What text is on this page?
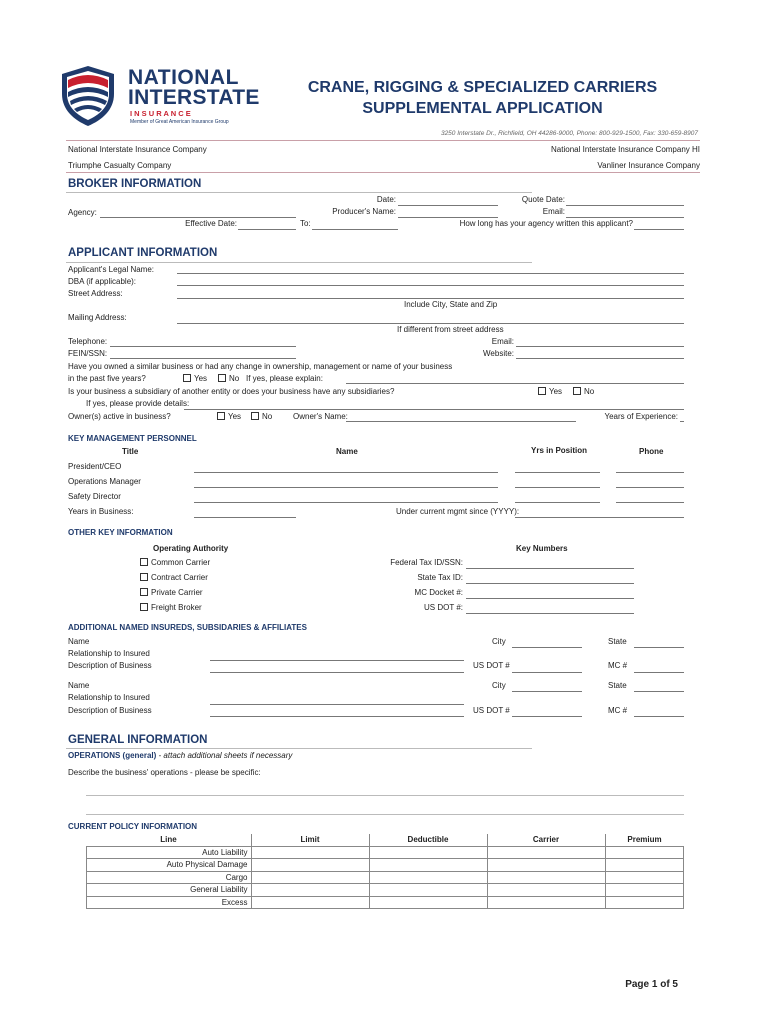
NATIONAL
INTERSTATE
I N S U R A N C E
Member of Great American Insurance Group
CRANE, RIGGING & SPECIALIZED CARRIERS
SUPPLEMENTAL APPLICATION
3250 Interstate Dr., Richfield, OH 44286-9000, Phone: 800-929-1500, Fax: 330-659-8907
National Interstate Insurance Company	National Interstate Insurance Company HI
Triumphe Casualty Company	Vanliner Insurance Company
BROKER INFORMATION
Date:	Quote Date:
Agency:	Producer's Name:	Email:
Effective Date:	To:	How long has your agency written this applicant?
APPLICANT INFORMATION
Applicant's Legal Name:
DBA (if applicable):
Street Address:
Include City, State and Zip
Mailing Address:
If different from street address
Telephone:	Email:
FEIN/SSN:	Website:
Have you owned a similar business or had any change in ownership, management or name of your business
in the past five years?	Yes	No If yes, please explain:
Is your business a subsidiary of another entity or does your business have any subsidiaries?	Yes	No
If yes, please provide details:
Owner(s) active in business?	Yes	No	Owner's Name:	Years of Experience:
KEY MANAGEMENT PERSONNEL
Title	Name	Yrs in Position	Phone
President/CEO
Operations Manager
Safety Director
Years in Business:	Under current mgmt since (YYYY):
OTHER KEY INFORMATION
Operating Authority	Key Numbers
Common Carrier
Contract Carrier
Private Carrier
Freight Broker
Federal Tax ID/SSN:
State Tax ID:
MC Docket #:
US DOT #:
ADDITIONAL NAMED INSUREDS, SUBSIDARIES & AFFILIATES
Name
Relationship to Insured
Description of Business
City	State
US DOT #	MC #
Name
Relationship to Insured
Description of Business
City	State
US DOT #	MC #
GENERAL INFORMATION
OPERATIONS (general) - attach additional sheets if necessary
Describe the business' operations - please be specific:
CURRENT POLICY INFORMATION
Line	Limit	Deductible	Carrier	Premium
Auto Liability				
Auto Physical Damage				
Cargo				
General Liability				
Excess				
Page 1 of 5
